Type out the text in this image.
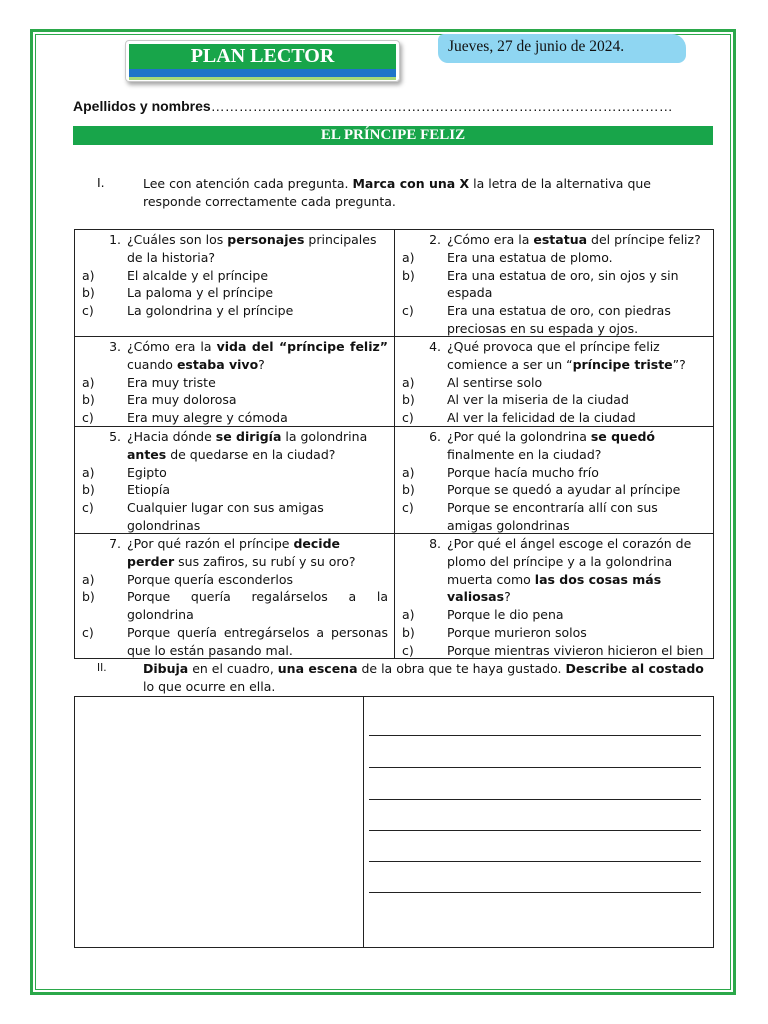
PLAN LECTOR	Jueves, 27 de junio de 2024.
Apellidos y nombres………………………………………………………………………………………
EL PRÍNCIPE FELIZ
I.	Lee con atención cada pregunta. Marca con una X la letra de la alternativa que responde correctamente cada pregunta.
1. ¿Cuáles son los personajes principales de la historia?
a)	El alcalde y el príncipe
b)	La paloma y el príncipe
c)	La golondrina y el príncipe
2. ¿Cómo era la estatua del príncipe feliz?
a)	Era una estatua de plomo.
b)	Era una estatua de oro, sin ojos y sin espada
c)	Era una estatua de oro, con piedras preciosas en su espada y ojos.
3. ¿Cómo era la vida del “príncipe feliz” cuando estaba vivo?
a)	Era muy triste
b)	Era muy dolorosa
c)	Era muy alegre y cómoda
4. ¿Qué provoca que el príncipe feliz comience a ser un “príncipe triste”?
a)	Al sentirse solo
b)	Al ver la miseria de la ciudad
c)	Al ver la felicidad de la ciudad
5. ¿Hacia dónde se dirigía la golondrina antes de quedarse en la ciudad?
a)	Egipto
b)	Etiopía
c)	Cualquier lugar con sus amigas golondrinas
6. ¿Por qué la golondrina se quedó finalmente en la ciudad?
a)	Porque hacía mucho frío
b)	Porque se quedó a ayudar al príncipe
c)	Porque se encontraría allí con sus amigas golondrinas
7. ¿Por qué razón el príncipe decide perder sus zafiros, su rubí y su oro?
a)	Porque quería esconderlos
b)	Porque quería regalárselos a la golondrina
c)	Porque quería entregárselos a personas que lo están pasando mal.
8. ¿Por qué el ángel escoge el corazón de plomo del príncipe y a la golondrina muerta como las dos cosas más valiosas?
a)	Porque le dio pena
b)	Porque murieron solos
c)	Porque mientras vivieron hicieron el bien
II.	Dibuja en el cuadro, una escena de la obra que te haya gustado. Describe al costado lo que ocurre en ella.
